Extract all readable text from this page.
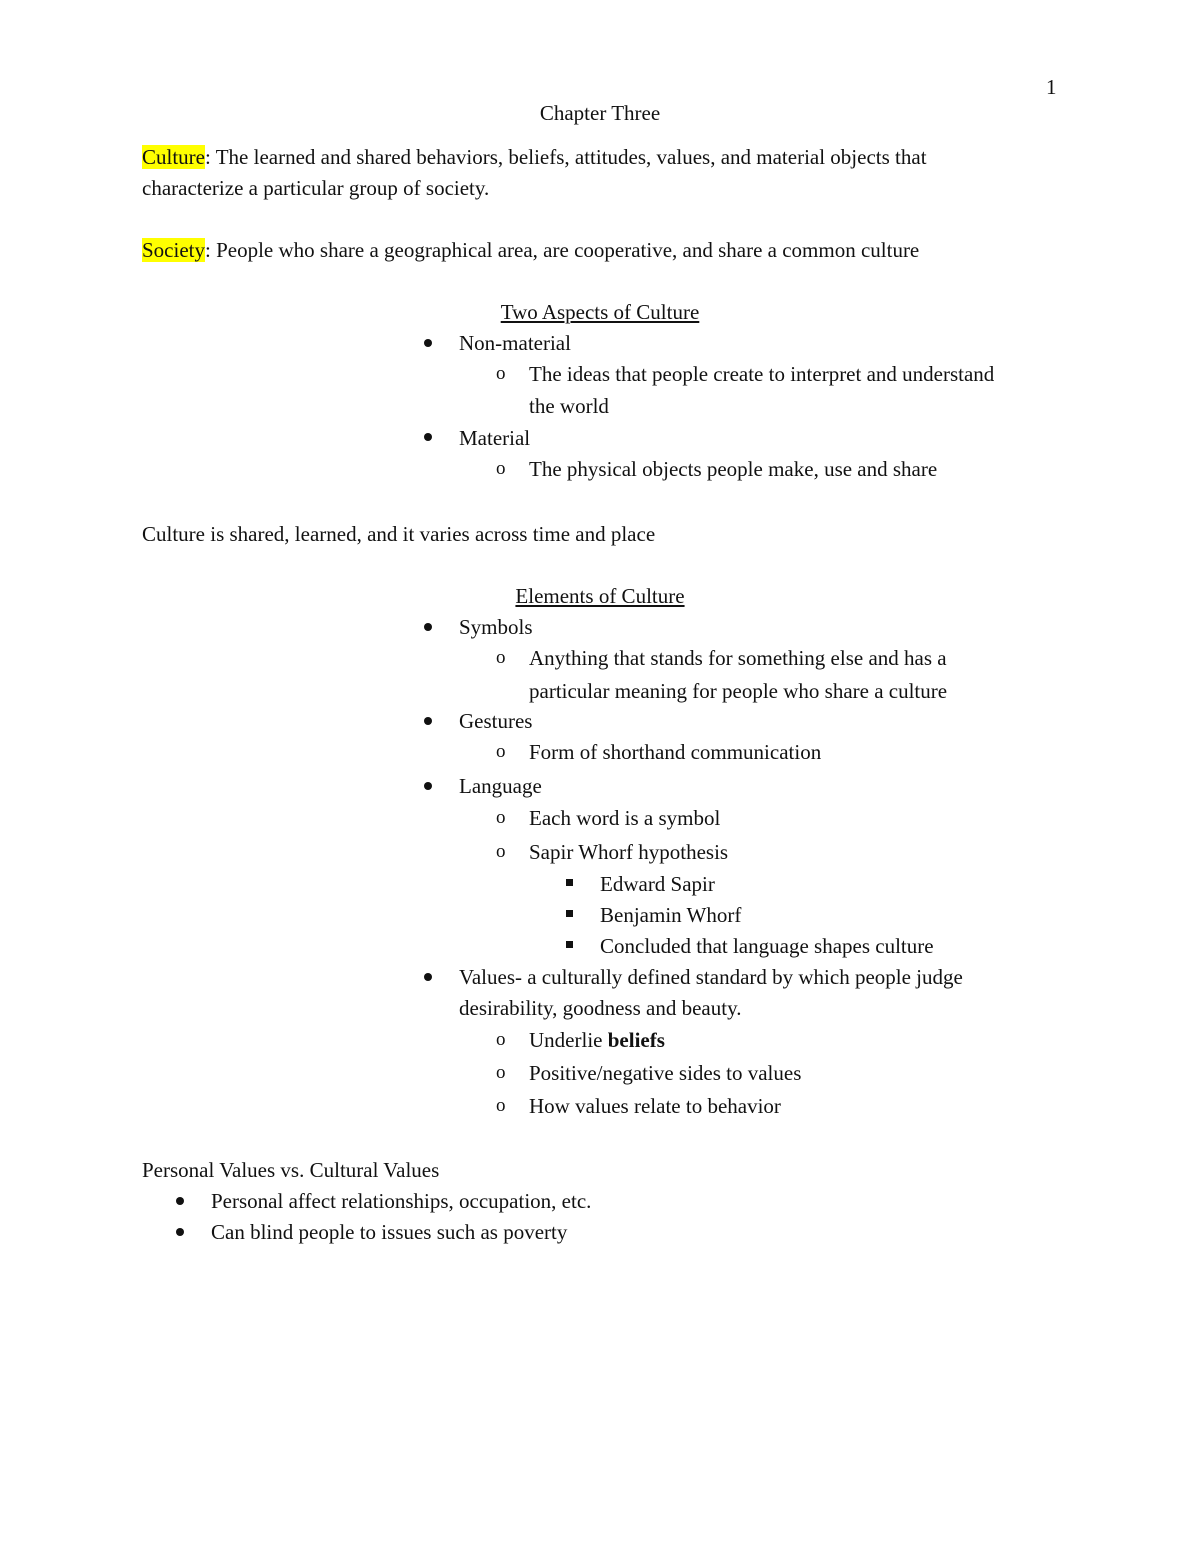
1
Chapter Three
Culture: The learned and shared behaviors, beliefs, attitudes, values, and material objects that
characterize a particular group of society.
Society: People who share a geographical area, are cooperative, and share a common culture
Two Aspects of Culture
Non-material
o The ideas that people create to interpret and understand
the world
Material
o The physical objects people make, use and share
Culture is shared, learned, and it varies across time and place
Elements of Culture
Symbols
o Anything that stands for something else and has a
particular meaning for people who share a culture
Gestures
o Form of shorthand communication
Language
o Each word is a symbol
o Sapir Whorf hypothesis
Edward Sapir
Benjamin Whorf
Concluded that language shapes culture
Values- a culturally defined standard by which people judge
desirability, goodness and beauty.
o Underlie beliefs
o Positive/negative sides to values
o How values relate to behavior
Personal Values vs. Cultural Values
Personal affect relationships, occupation, etc.
Can blind people to issues such as poverty
